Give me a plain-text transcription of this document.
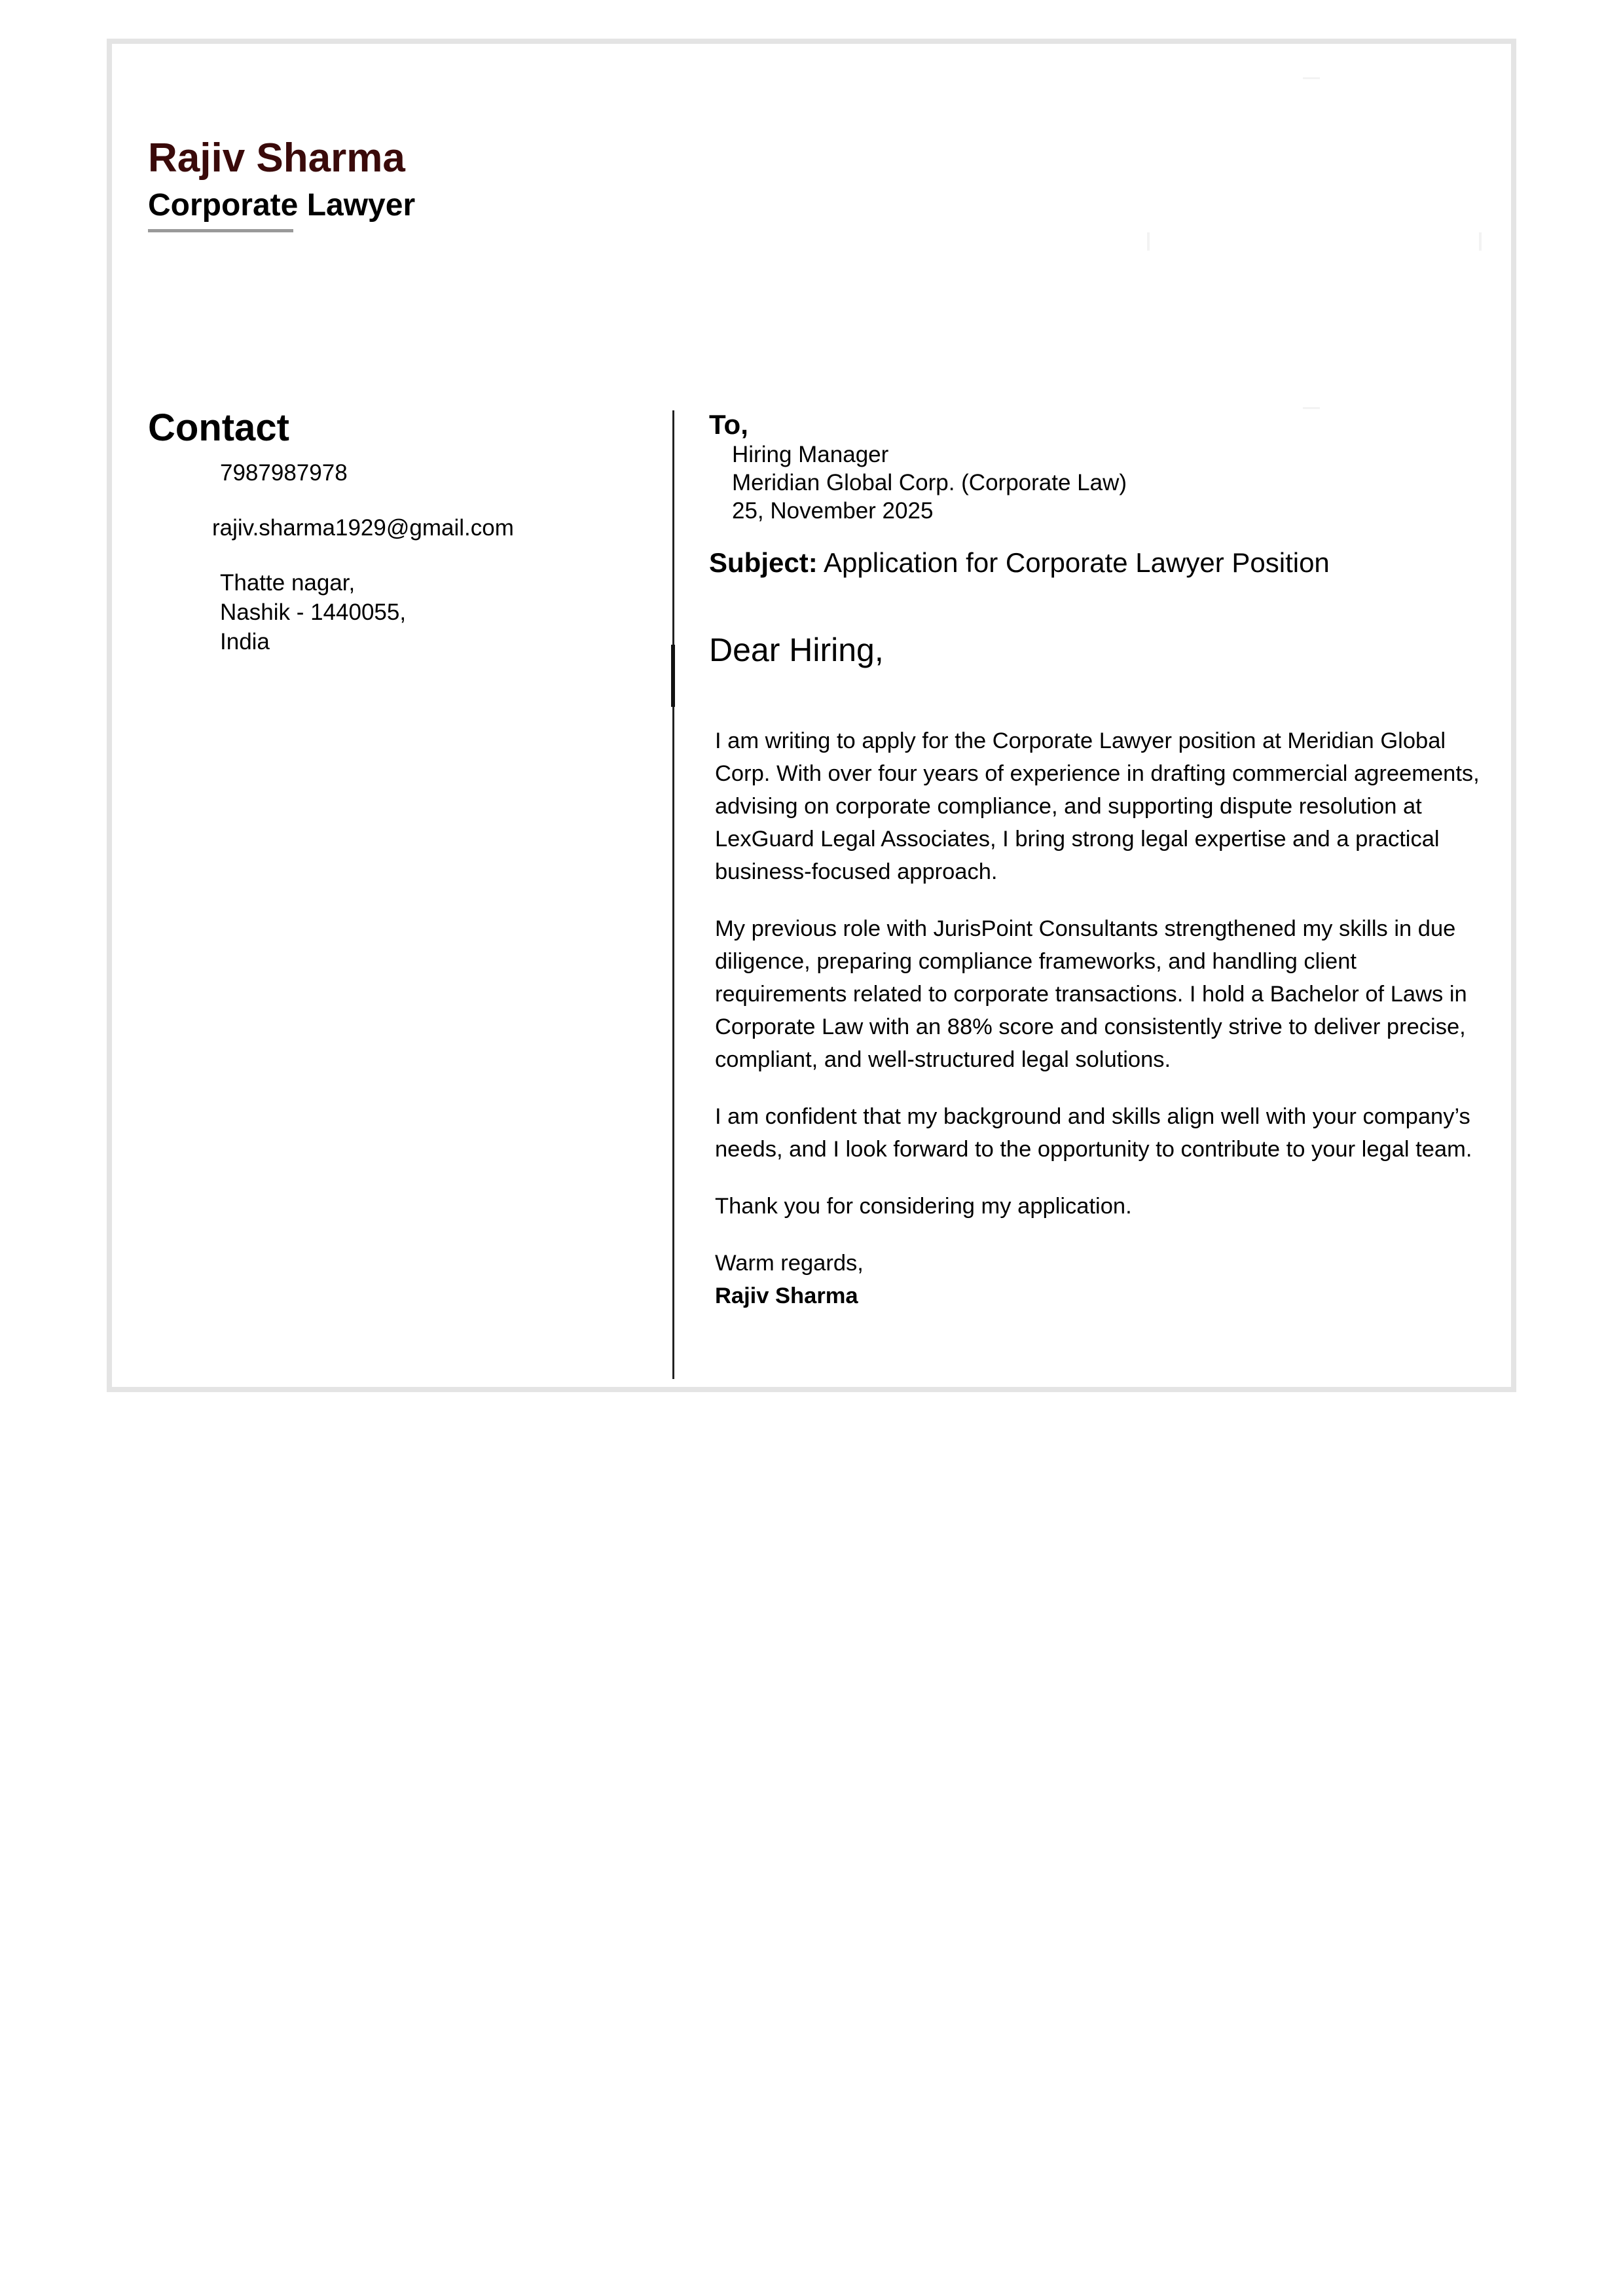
Rajiv Sharma
Corporate Lawyer
Contact
7987987978
rajiv.sharma1929@gmail.com
Thatte nagar,
Nashik - 1440055,
India
To,
Hiring Manager
Meridian Global Corp. (Corporate Law)
25, November 2025
Subject: Application for Corporate Lawyer Position
Dear Hiring,

I am writing to apply for the Corporate Lawyer position at Meridian Global Corp. With over four years of experience in drafting commercial agreements, advising on corporate compliance, and supporting dispute resolution at LexGuard Legal Associates, I bring strong legal expertise and a practical business-focused approach.

My previous role with JurisPoint Consultants strengthened my skills in due diligence, preparing compliance frameworks, and handling client requirements related to corporate transactions. I hold a Bachelor of Laws in Corporate Law with an 88% score and consistently strive to deliver precise, compliant, and well-structured legal solutions.

I am confident that my background and skills align well with your company’s needs, and I look forward to the opportunity to contribute to your legal team.

Thank you for considering my application.

Warm regards,
Rajiv Sharma
